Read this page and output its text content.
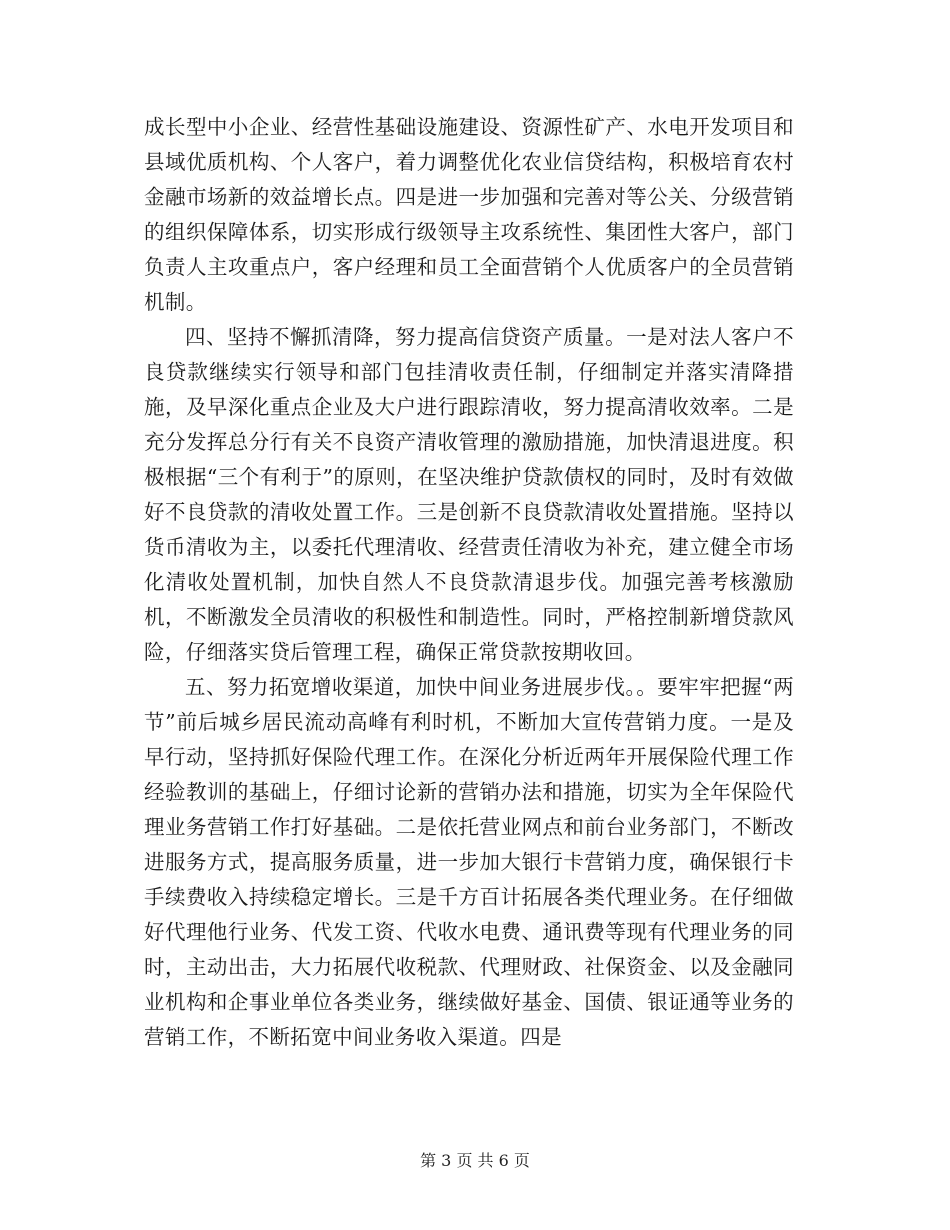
成长型中小企业、经营性基础设施建设、资源性矿产、水电开发项目和县域优质机构、个人客户，着力调整优化农业信贷结构，积极培育农村金融市场新的效益增长点。四是进一步加强和完善对等公关、分级营销的组织保障体系，切实形成行级领导主攻系统性、集团性大客户，部门负责人主攻重点户，客户经理和员工全面营销个人优质客户的全员营销机制。

四、坚持不懈抓清降，努力提高信贷资产质量。一是对法人客户不良贷款继续实行领导和部门包挂清收责任制，仔细制定并落实清降措施，及早深化重点企业及大户进行跟踪清收，努力提高清收效率。二是充分发挥总分行有关不良资产清收管理的激励措施，加快清退进度。积极根据“三个有利于”的原则，在坚决维护贷款债权的同时，及时有效做好不良贷款的清收处置工作。三是创新不良贷款清收处置措施。坚持以货币清收为主，以委托代理清收、经营责任清收为补充，建立健全市场化清收处置机制，加快自然人不良贷款清退步伐。加强完善考核激励机，不断激发全员清收的积极性和制造性。同时，严格控制新增贷款风险，仔细落实贷后管理工程，确保正常贷款按期收回。

五、努力拓宽增收渠道，加快中间业务进展步伐。。要牢牢把握“两节”前后城乡居民流动高峰有利时机，不断加大宣传营销力度。一是及早行动，坚持抓好保险代理工作。在深化分析近两年开展保险代理工作经验教训的基础上，仔细讨论新的营销办法和措施，切实为全年保险代理业务营销工作打好基础。二是依托营业网点和前台业务部门，不断改进服务方式，提高服务质量，进一步加大银行卡营销力度，确保银行卡手续费收入持续稳定增长。三是千方百计拓展各类代理业务。在仔细做好代理他行业务、代发工资、代收水电费、通讯费等现有代理业务的同时，主动出击，大力拓展代收税款、代理财政、社保资金、以及金融同业机构和企事业单位各类业务，继续做好基金、国债、银证通等业务的营销工作，不断拓宽中间业务收入渠道。四是

第 3 页 共 6 页
